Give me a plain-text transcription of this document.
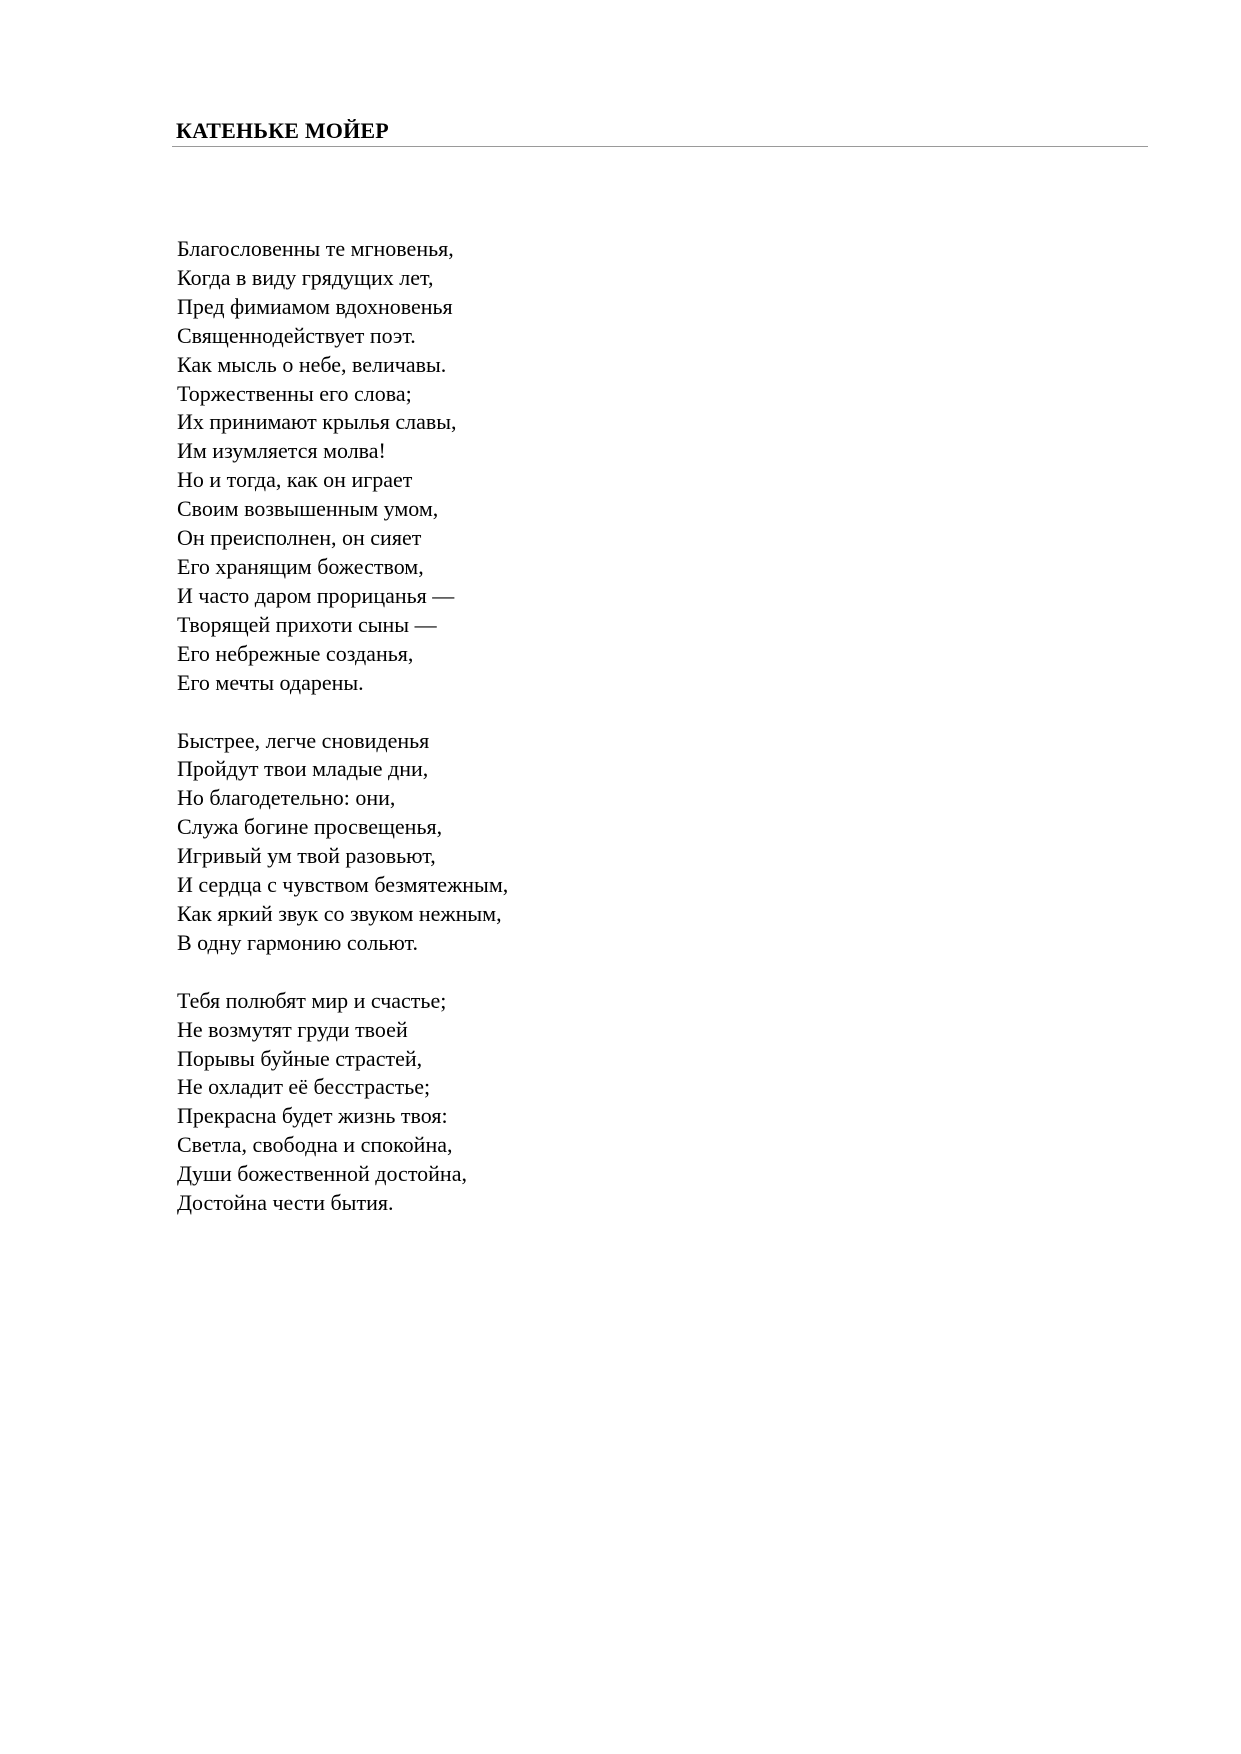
КАТЕНЬКЕ МОЙЕР
Благословенны те мгновенья,
Когда в виду грядущих лет,
Пред фимиамом вдохновенья
Священнодействует поэт.
Как мысль о небе, величавы.
Торжественны его слова;
Их принимают крылья славы,
Им изумляется молва!
Но и тогда, как он играет
Своим возвышенным умом,
Он преисполнен, он сияет
Его хранящим божеством,
И часто даром прорицанья —
Творящей прихоти сыны —
Его небрежные созданья,
Его мечты одарены.
Быстрее, легче сновиденья
Пройдут твои младые дни,
Но благодетельно: они,
Служа богине просвещенья,
Игривый ум твой разовьют,
И сердца с чувством безмятежным,
Как яркий звук со звуком нежным,
В одну гармонию сольют.
Тебя полюбят мир и счастье;
Не возмутят груди твоей
Порывы буйные страстей,
Не охладит её бесстрастье;
Прекрасна будет жизнь твоя:
Светла, свободна и спокойна,
Души божественной достойна,
Достойна чести бытия.
